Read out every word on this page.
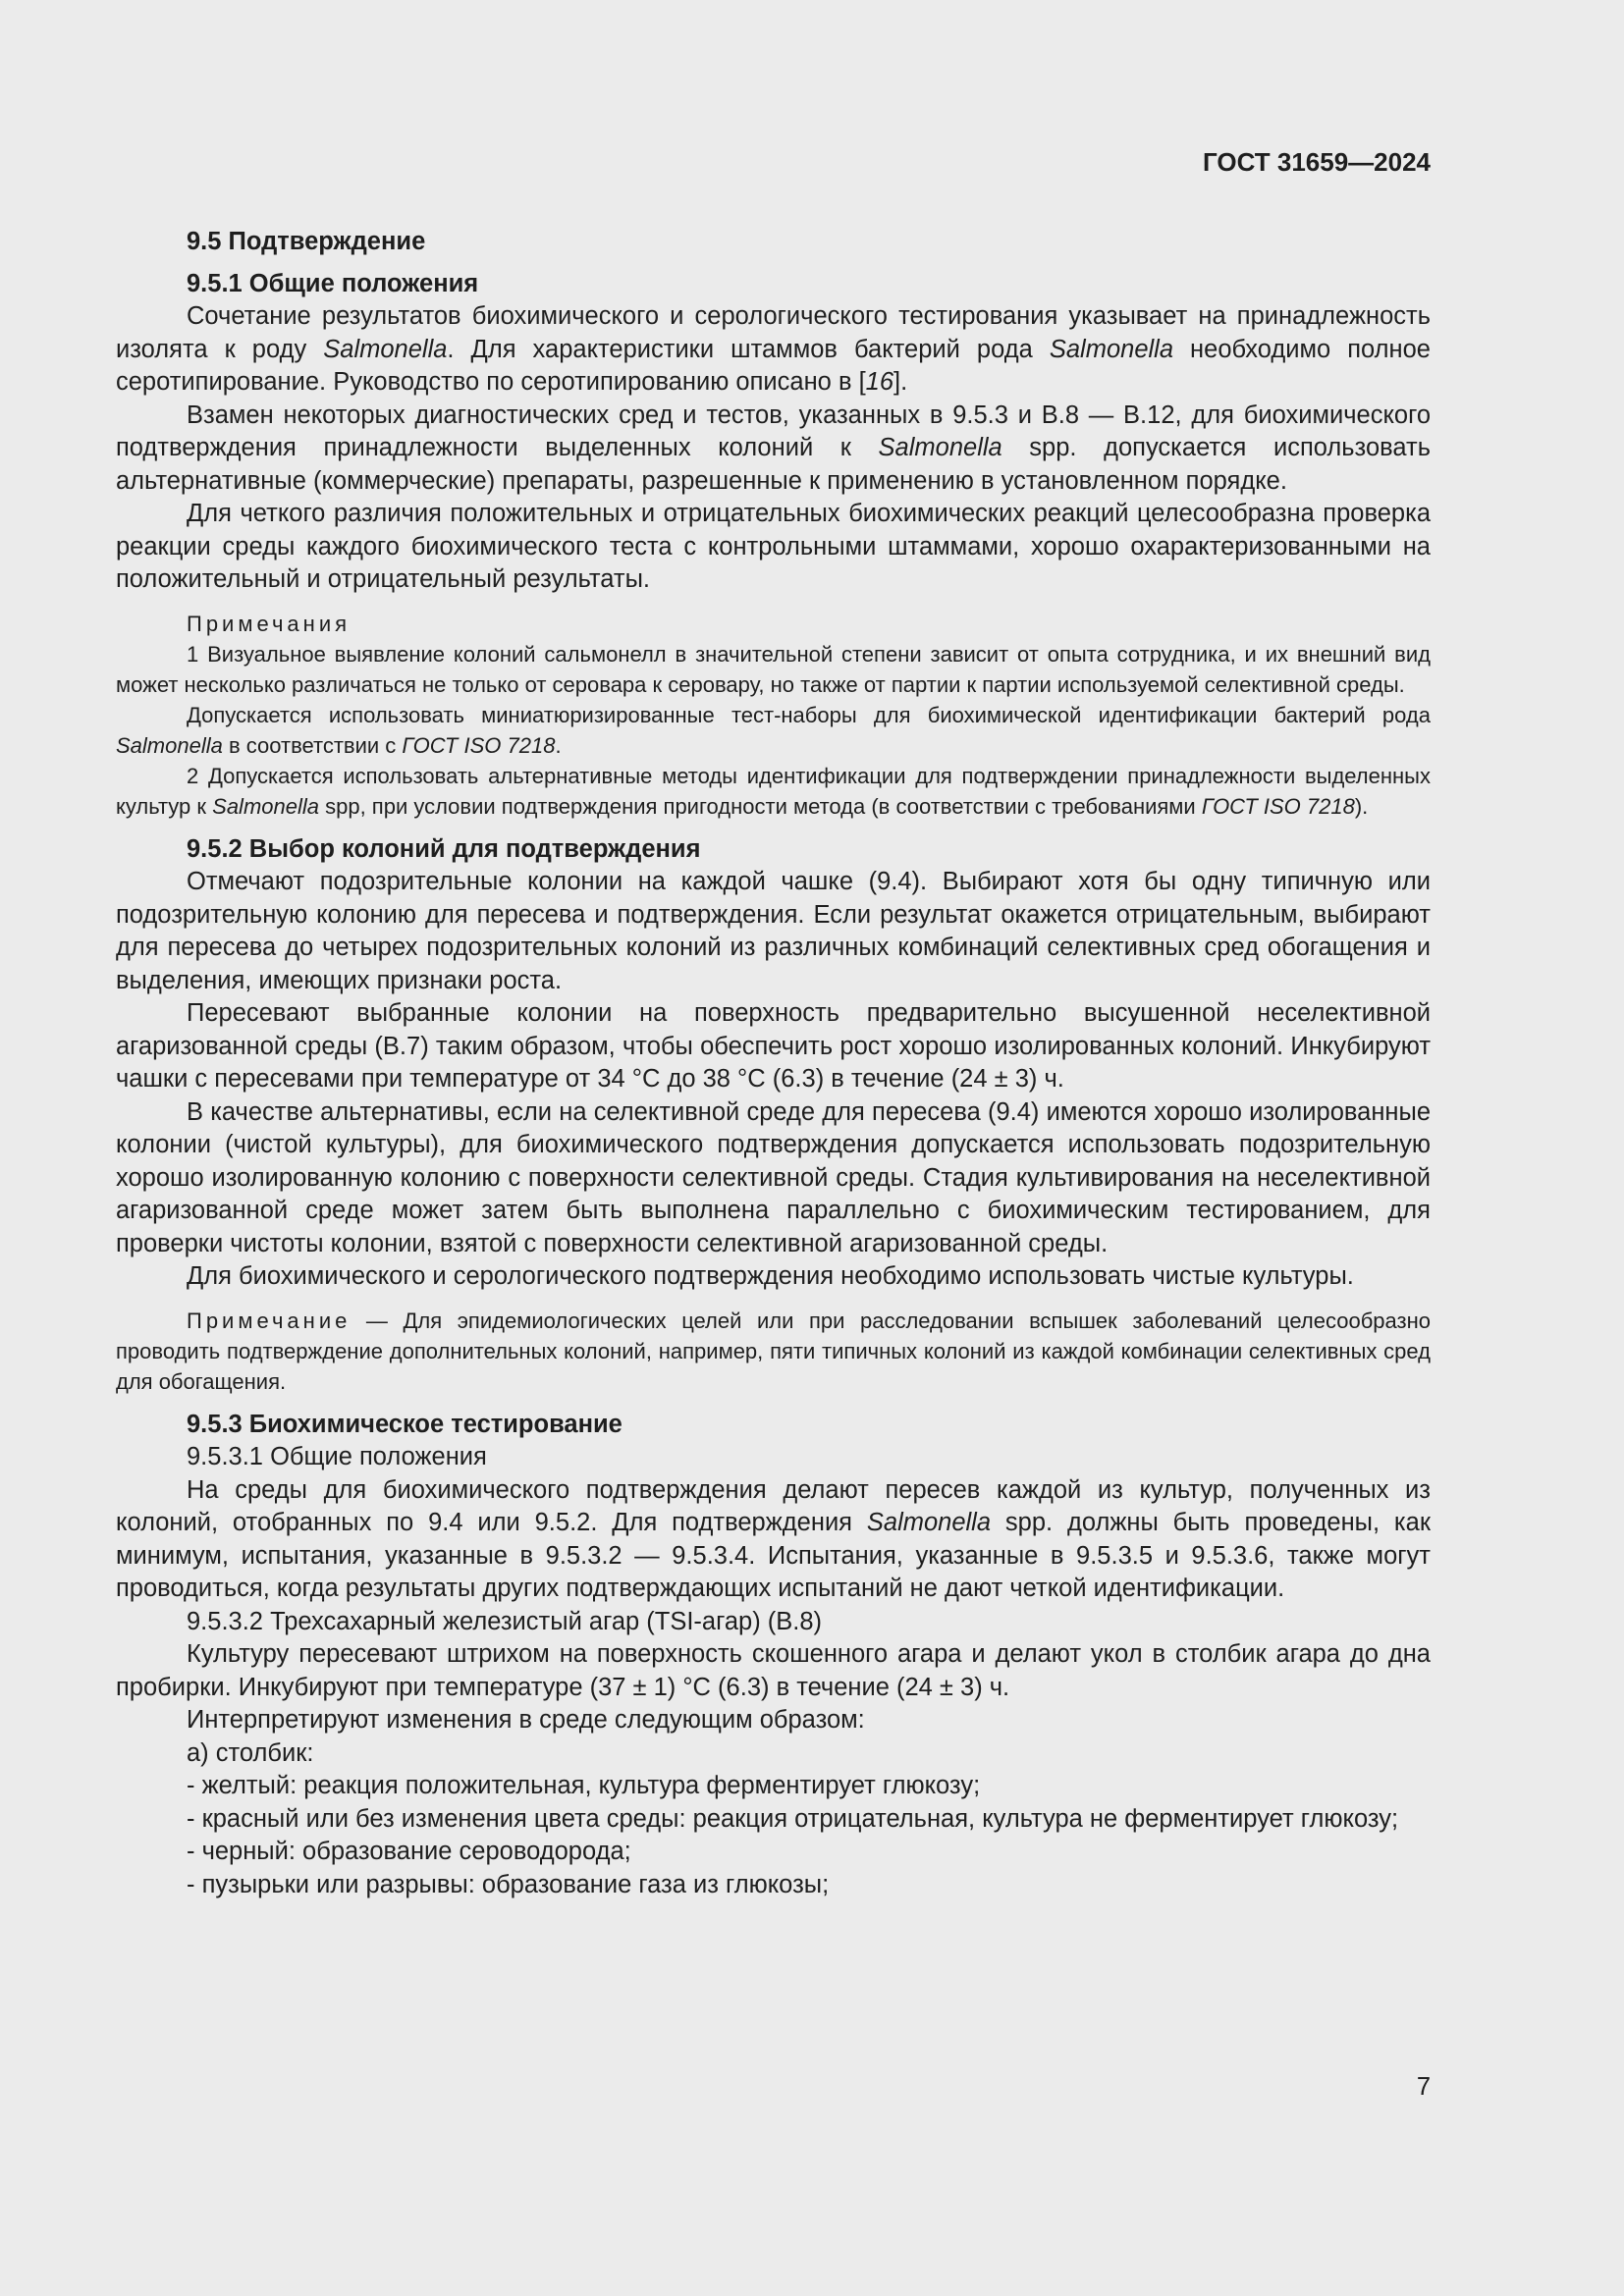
ГОСТ 31659—2024
9.5 Подтверждение
9.5.1 Общие положения

Сочетание результатов биохимического и серологического тестирования указывает на принадлежность изолята к роду Salmonella. Для характеристики штаммов бактерий рода Salmonella необходимо полное серотипирование. Руководство по серотипированию описано в [16].

Взамен некоторых диагностических сред и тестов, указанных в 9.5.3 и В.8 — В.12, для биохимического подтверждения принадлежности выделенных колоний к Salmonella spp. допускается использовать альтернативные (коммерческие) препараты, разрешенные к применению в установленном порядке.

Для четкого различия положительных и отрицательных биохимических реакций целесообразна проверка реакции среды каждого биохимического теста с контрольными штаммами, хорошо охарактеризованными на положительный и отрицательный результаты.

Примечания

1 Визуальное выявление колоний сальмонелл в значительной степени зависит от опыта сотрудника, и их внешний вид может несколько различаться не только от серовара к серовару, но также от партии к партии используемой селективной среды.

Допускается использовать миниатюризированные тест-наборы для биохимической идентификации бактерий рода Salmonella в соответствии с ГОСТ ISO 7218.

2 Допускается использовать альтернативные методы идентификации для подтверждении принадлежности выделенных культур к Salmonella spp, при условии подтверждения пригодности метода (в соответствии с требованиями ГОСТ ISO 7218).

9.5.2 Выбор колоний для подтверждения

Отмечают подозрительные колонии на каждой чашке (9.4). Выбирают хотя бы одну типичную или подозрительную колонию для пересева и подтверждения. Если результат окажется отрицательным, выбирают для пересева до четырех подозрительных колоний из различных комбинаций селективных сред обогащения и выделения, имеющих признаки роста.

Пересевают выбранные колонии на поверхность предварительно высушенной неселективной агаризованной среды (В.7) таким образом, чтобы обеспечить рост хорошо изолированных колоний. Инкубируют чашки с пересевами при температуре от 34 °С до 38 °С (6.3) в течение (24 ± 3) ч.

В качестве альтернативы, если на селективной среде для пересева (9.4) имеются хорошо изолированные колонии (чистой культуры), для биохимического подтверждения допускается использовать подозрительную хорошо изолированную колонию с поверхности селективной среды. Стадия культивирования на неселективной агаризованной среде может затем быть выполнена параллельно с биохимическим тестированием, для проверки чистоты колонии, взятой с поверхности селективной агаризованной среды.

Для биохимического и серологического подтверждения необходимо использовать чистые культуры.

Примечание — Для эпидемиологических целей или при расследовании вспышек заболеваний целесообразно проводить подтверждение дополнительных колоний, например, пяти типичных колоний из каждой комбинации селективных сред для обогащения.

9.5.3 Биохимическое тестирование
9.5.3.1 Общие положения

На среды для биохимического подтверждения делают пересев каждой из культур, полученных из колоний, отобранных по 9.4 или 9.5.2. Для подтверждения Salmonella spp. должны быть проведены, как минимум, испытания, указанные в 9.5.3.2 — 9.5.3.4. Испытания, указанные в 9.5.3.5 и 9.5.3.6, также могут проводиться, когда результаты других подтверждающих испытаний не дают четкой идентификации.

9.5.3.2 Трехсахарный железистый агар (TSI-агар) (В.8)

Культуру пересевают штрихом на поверхность скошенного агара и делают укол в столбик агара до дна пробирки. Инкубируют при температуре (37 ± 1) °С (6.3) в течение (24 ± 3) ч.

Интерпретируют изменения в среде следующим образом:

а) столбик:

- желтый: реакция положительная, культура ферментирует глюкозу;

- красный или без изменения цвета среды: реакция отрицательная, культура не ферментирует глюкозу;

- черный: образование сероводорода;

- пузырьки или разрывы: образование газа из глюкозы;

7
